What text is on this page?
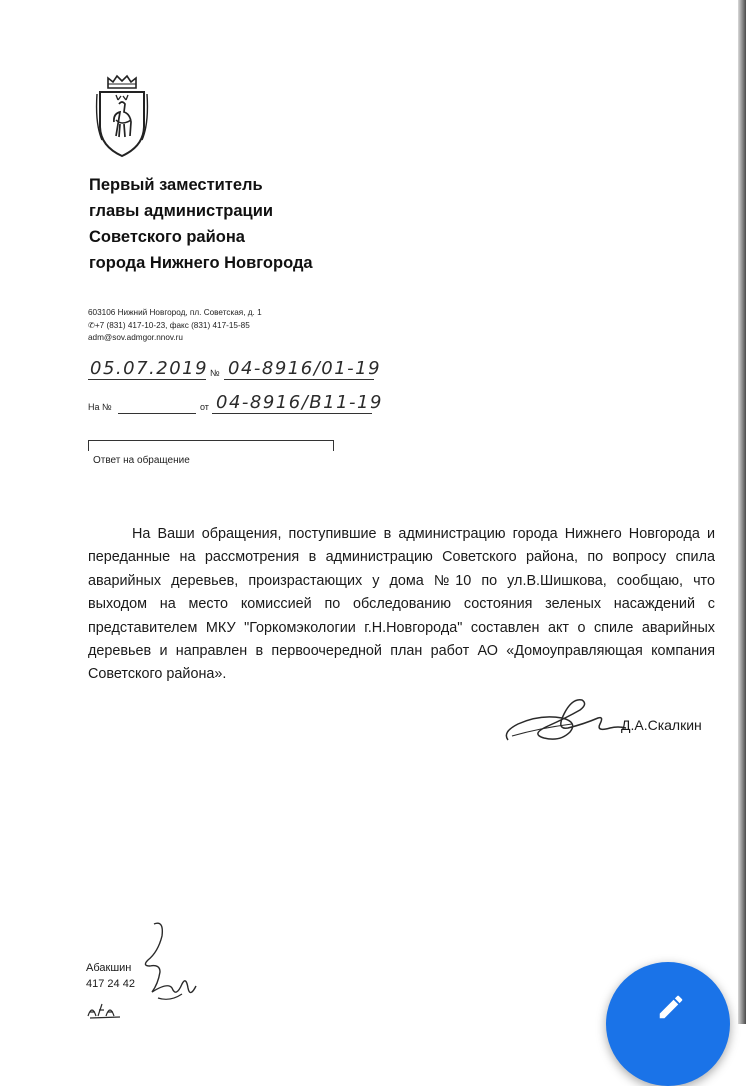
Первый заместитель
главы администрации
Советского района
города Нижнего Новгорода
603106 Нижний Новгород, пл. Советская, д. 1
✆+7 (831) 417-10-23, факс (831) 417-15-85
adm@sov.admgor.nnov.ru
05.07.2019 № 04-8916/01-19
На №	от 04-8916/В11-19
Ответ на обращение
На Ваши обращения, поступившие в администрацию города Нижнего Новгорода и переданные на рассмотрения в администрацию Советского района, по вопросу спила аварийных деревьев, произрастающих у дома №10 по ул.В.Шишкова, сообщаю, что выходом на место комиссией по обследованию состояния зеленых насаждений с представителем МКУ "Горкомэкологии г.Н.Новгорода" составлен акт о спиле аварийных деревьев и направлен в первоочередной план работ АО «Домоуправляющая компания Советского района».
Д.А.Скалкин
Абакшин
417 24 42
